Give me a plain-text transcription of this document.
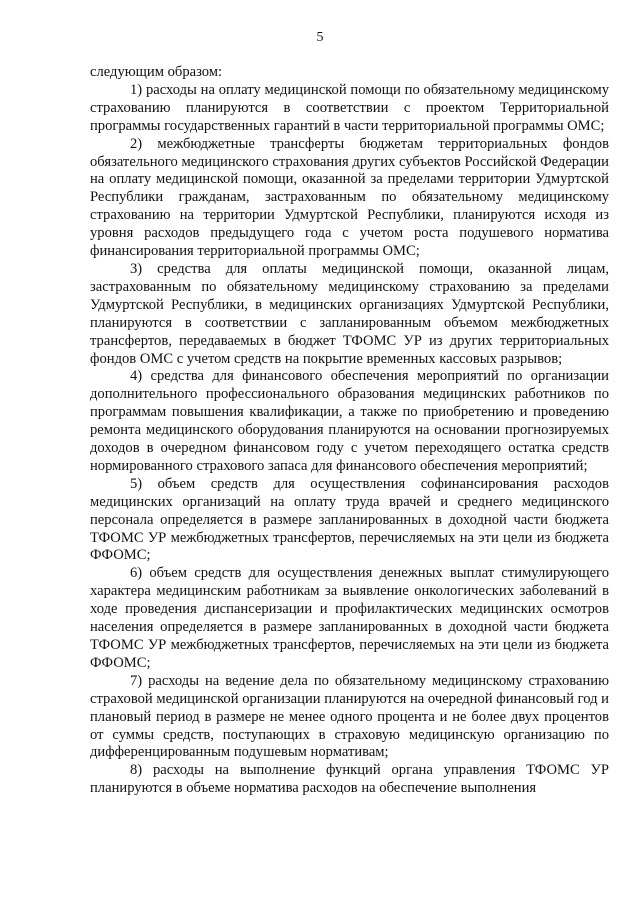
5

следующим образом:

1) расходы на оплату медицинской помощи по обязательному медицинскому страхованию планируются в соответствии с проектом Территориальной программы государственных гарантий в части территориальной программы ОМС;

2) межбюджетные трансферты бюджетам территориальных фондов обязательного медицинского страхования других субъектов Российской Федерации на оплату медицинской помощи, оказанной за пределами территории Удмуртской Республики гражданам, застрахованным по обязательному медицинскому страхованию на территории Удмуртской Республики, планируются исходя из уровня расходов предыдущего года с учетом роста подушевого норматива финансирования территориальной программы ОМС;

3) средства для оплаты медицинской помощи, оказанной лицам, застрахованным по обязательному медицинскому страхованию за пределами Удмуртской Республики, в медицинских организациях Удмуртской Республики, планируются в соответствии с запланированным объемом межбюджетных трансфертов, передаваемых в бюджет ТФОМС УР из других территориальных фондов ОМС с учетом средств на покрытие временных кассовых разрывов;

4) средства для финансового обеспечения мероприятий по организации дополнительного профессионального образования медицинских работников по программам повышения квалификации, а также по приобретению и проведению ремонта медицинского оборудования планируются на основании прогнозируемых доходов в очередном финансовом году с учетом переходящего остатка средств нормированного страхового запаса для финансового обеспечения мероприятий;

5) объем средств для осуществления софинансирования расходов медицинских организаций на оплату труда врачей и среднего медицинского персонала определяется в размере запланированных в доходной части бюджета ТФОМС УР межбюджетных трансфертов, перечисляемых на эти цели из бюджета ФФОМС;

6) объем средств для осуществления денежных выплат стимулирующего характера медицинским работникам за выявление онкологических заболеваний в ходе проведения диспансеризации и профилактических медицинских осмотров населения определяется в размере запланированных в доходной части бюджета ТФОМС УР межбюджетных трансфертов, перечисляемых на эти цели из бюджета ФФОМС;

7) расходы на ведение дела по обязательному медицинскому страхованию страховой медицинской организации планируются на очередной финансовый год и плановый период в размере не менее одного процента и не более двух процентов от суммы средств, поступающих в страховую медицинскую организацию по дифференцированным подушевым нормативам;

8) расходы на выполнение функций органа управления ТФОМС УР планируются в объеме норматива расходов на обеспечение выполнения
